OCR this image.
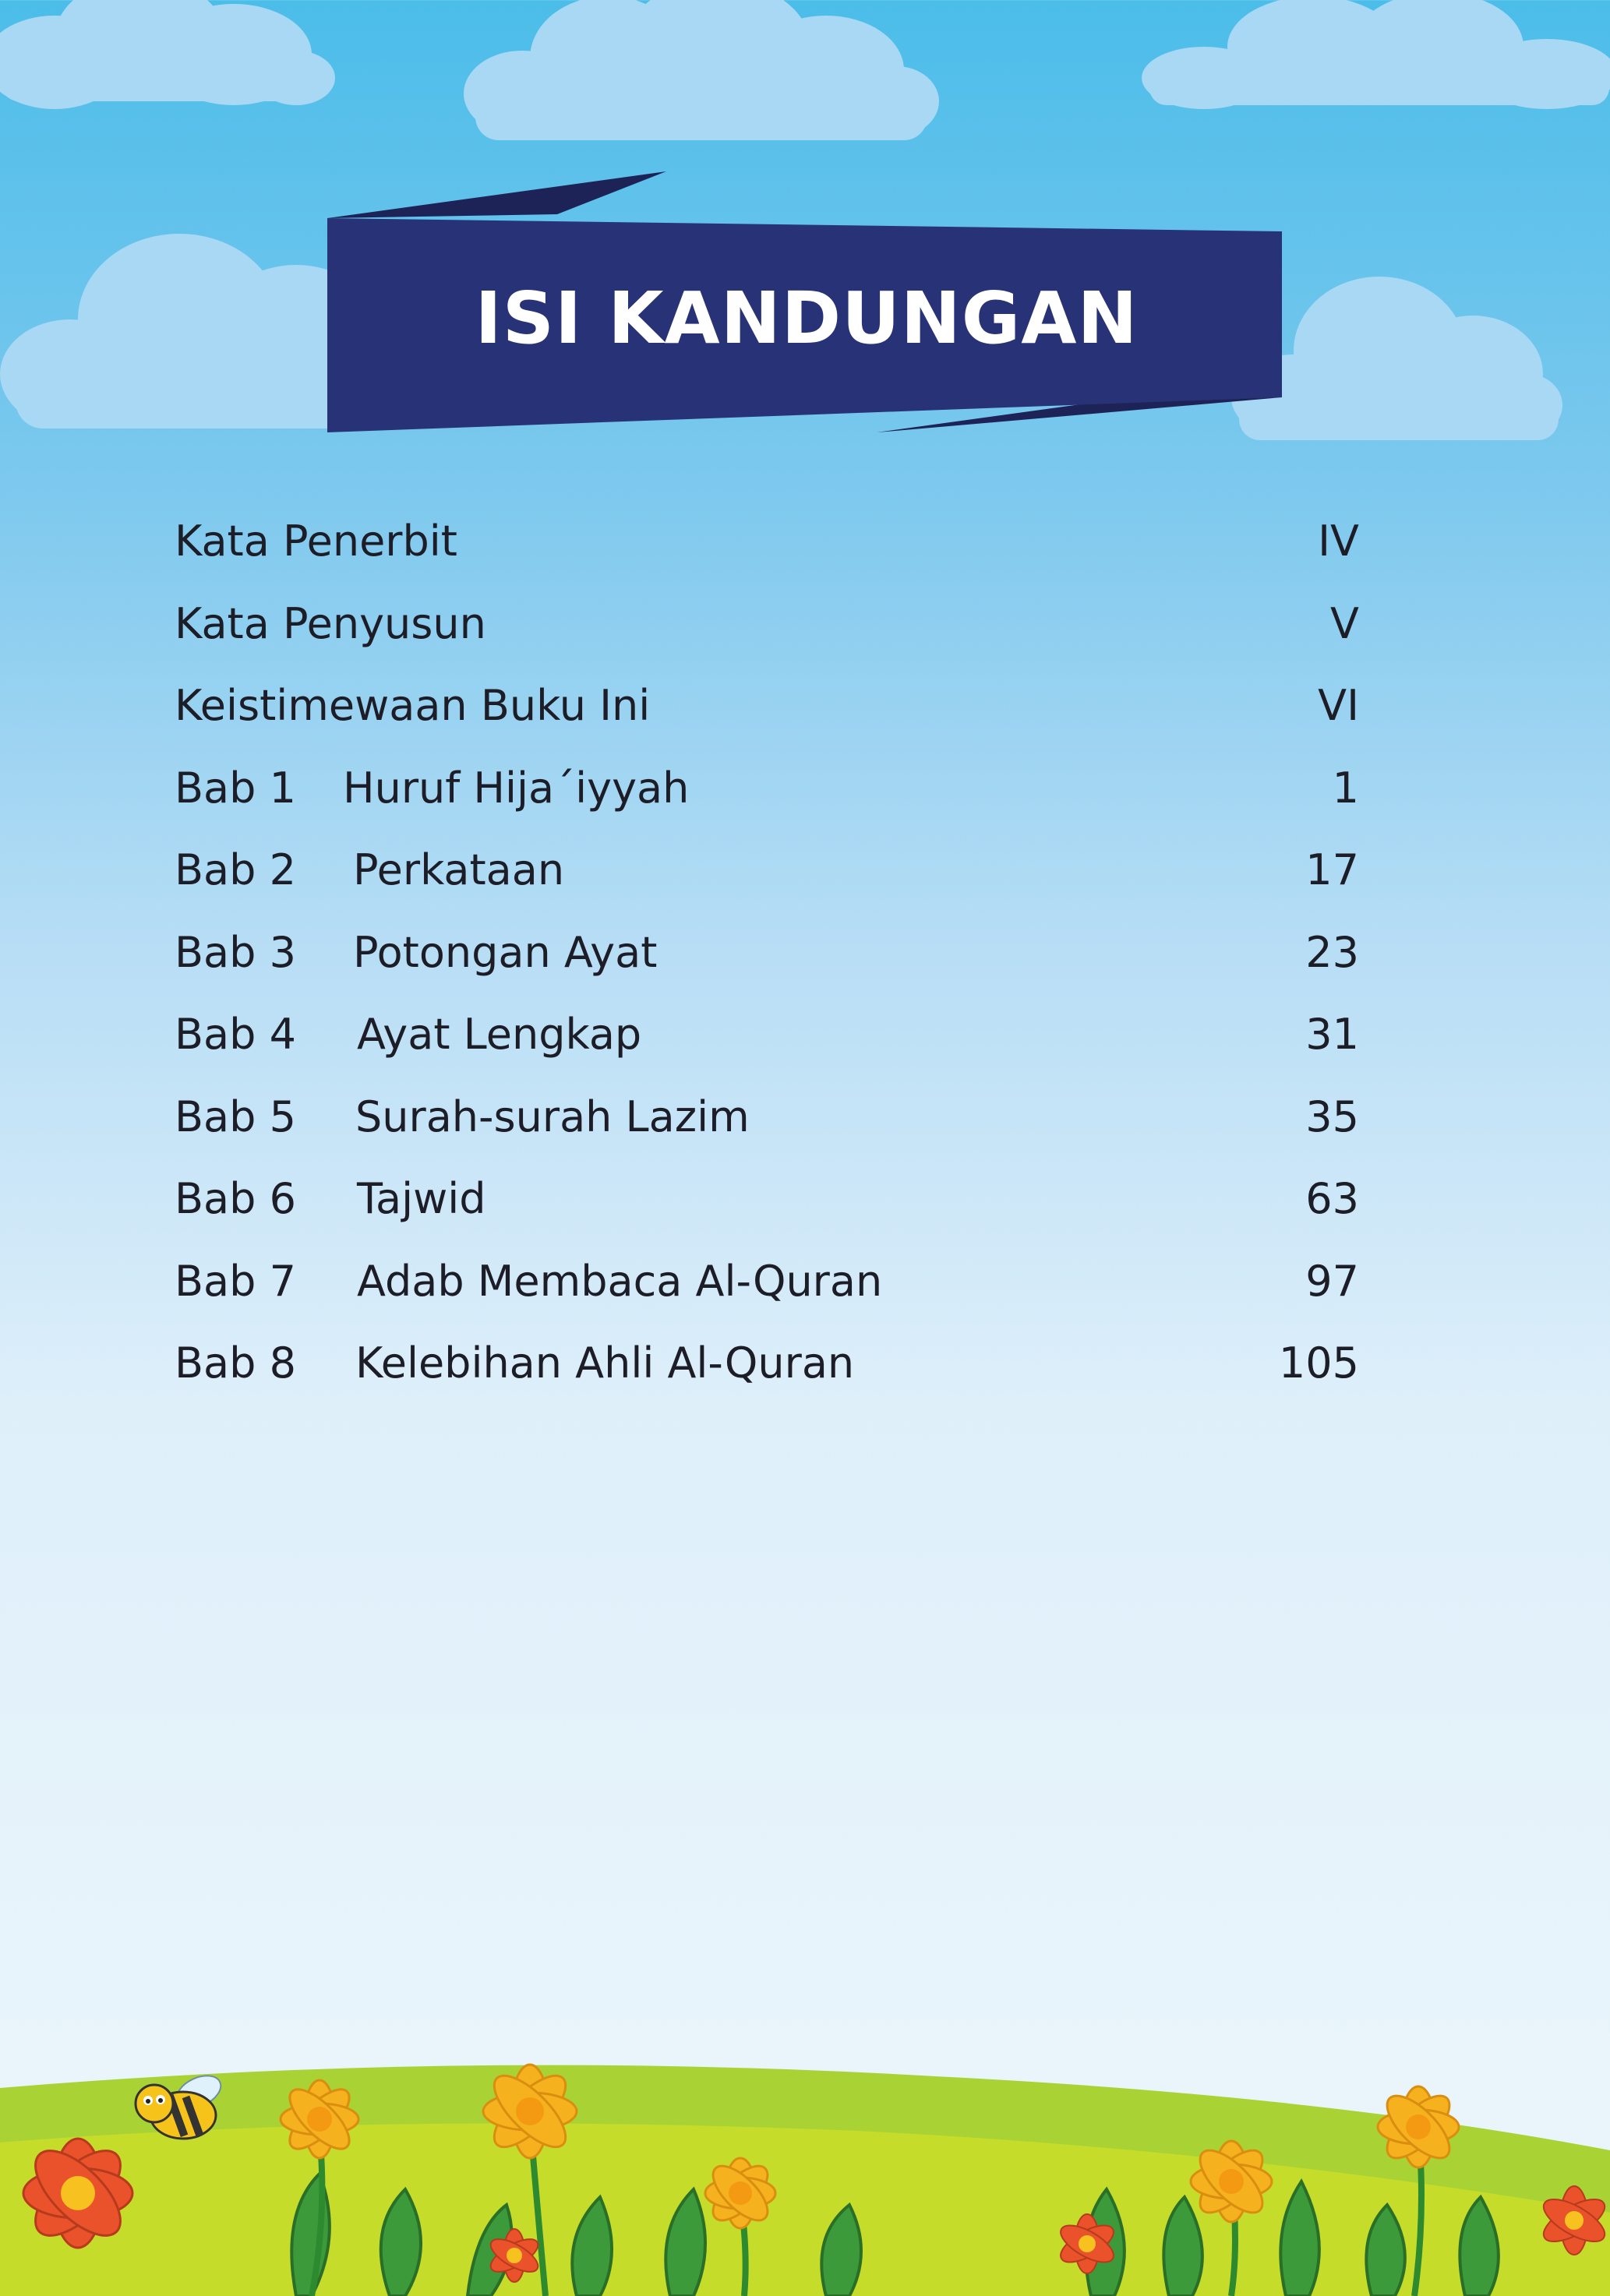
ISI KANDUNGAN
Kata Penerbit	IV
Kata Penyusun	V
Keistimewaan Buku Ini	VI
Bab 1 Huruf Hija´iyyah	1
Bab 2 Perkataan	17
Bab 3 Potongan Ayat	23
Bab 4 Ayat Lengkap	31
Bab 5 Surah-surah Lazim	35
Bab 6 Tajwid	63
Bab 7 Adab Membaca Al-Quran	97
Bab 8 Kelebihan Ahli Al-Quran	105
